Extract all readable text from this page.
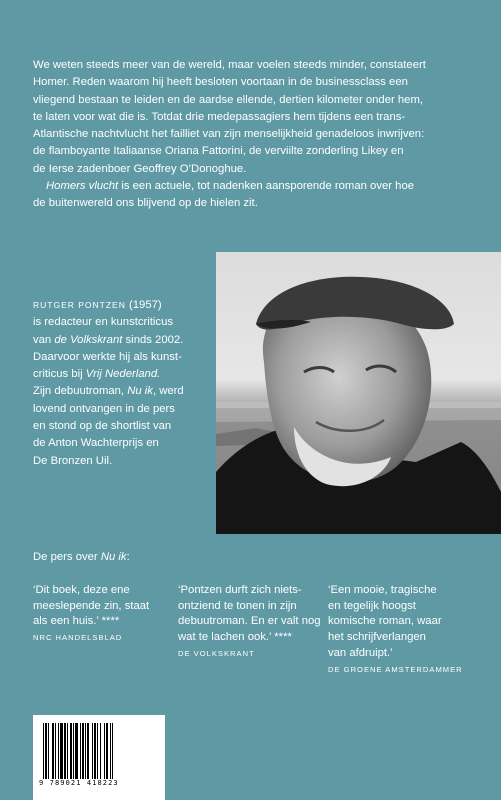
We weten steeds meer van de wereld, maar voelen steeds minder, constateert
Homer. Reden waarom hij heeft besloten voortaan in de businessclass een
vliegend bestaan te leiden en de aardse ellende, dertien kilometer onder hem,
te laten voor wat die is. Totdat drie medepassagiers hem tijdens een trans-
Atlantische nachtvlucht het failliet van zijn menselijkheid genadeloos inwrijven:
de flamboyante Italiaanse Oriana Fattorini, de verviilte zonderling Likey en
de Ierse zadenboer Geoffrey O’Donoghue.

Homers vlucht is een actuele, tot nadenken aansporende roman over hoe
de buitenwereld ons blijvend op de hielen zit.

RUTGER PONTZEN (1957)
is redacteur en kunstcriticus
van de Volkskrant sinds 2002.
Daarvoor werkte hij als kunst-
criticus bij Vrij Nederland.
Zijn debuutroman, Nu ik, werd
lovend ontvangen in de pers
en stond op de shortlist van
de Anton Wachterprijs en
De Bronzen Uil.
De pers over Nu ik:
‘Dit boek, deze ene
meeslepende zin, staat
als een huis.’ ****
NRC HANDELSBLAD
‘Pontzen durft zich niets-
ontziend te tonen in zijn
debuutroman. En er valt nog
wat te lachen ook.’ ****
DE VOLKSKRANT
‘Een mooie, tragische
en tegelijk hoogst
komische roman, waar
het schrijfverlangen
van afdruipt.’
DE GROENE AMSTERDAMMER
9 789021 418223
